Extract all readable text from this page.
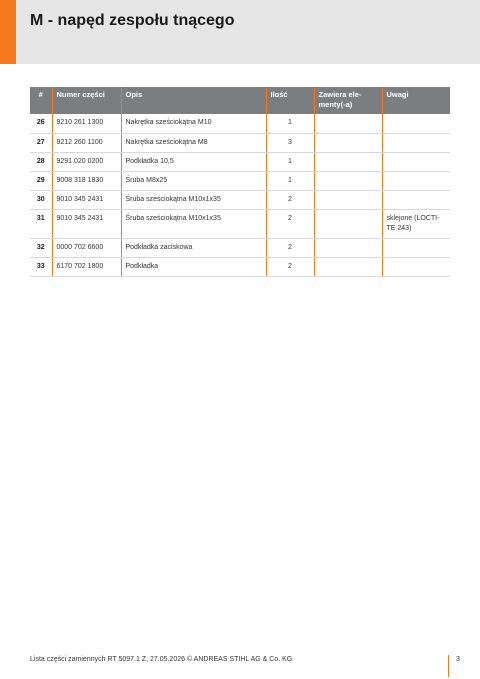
M - napęd zespołu tnącego
#	Numer części	Opis	Ilość	Zawiera ele-
menty(-a)	Uwagi
26	9210 261 1300	Nakrętka sześciokątna M10	1		
27	9212 260 1100	Nakrętka sześciokątna M8	3		
28	9291 020 0200	Podkładka 10,5	1		
29	9008 318 1830	Śruba M8x25	1		
30	9010 345 2431	Śruba sześciokątna M10x1x35	2		
31	9010 345 2431	Śruba sześciokątna M10x1x35	2		sklejone (LOCTI-
TE 243)
32	0000 702 6600	Podkładka zaciskowa	2		
33	6170 702 1800	Podkładka	2		
Lista części zamiennych RT 5097.1 Z, 27.05.2026 © ANDREAS STIHL AG & Co. KG	3
